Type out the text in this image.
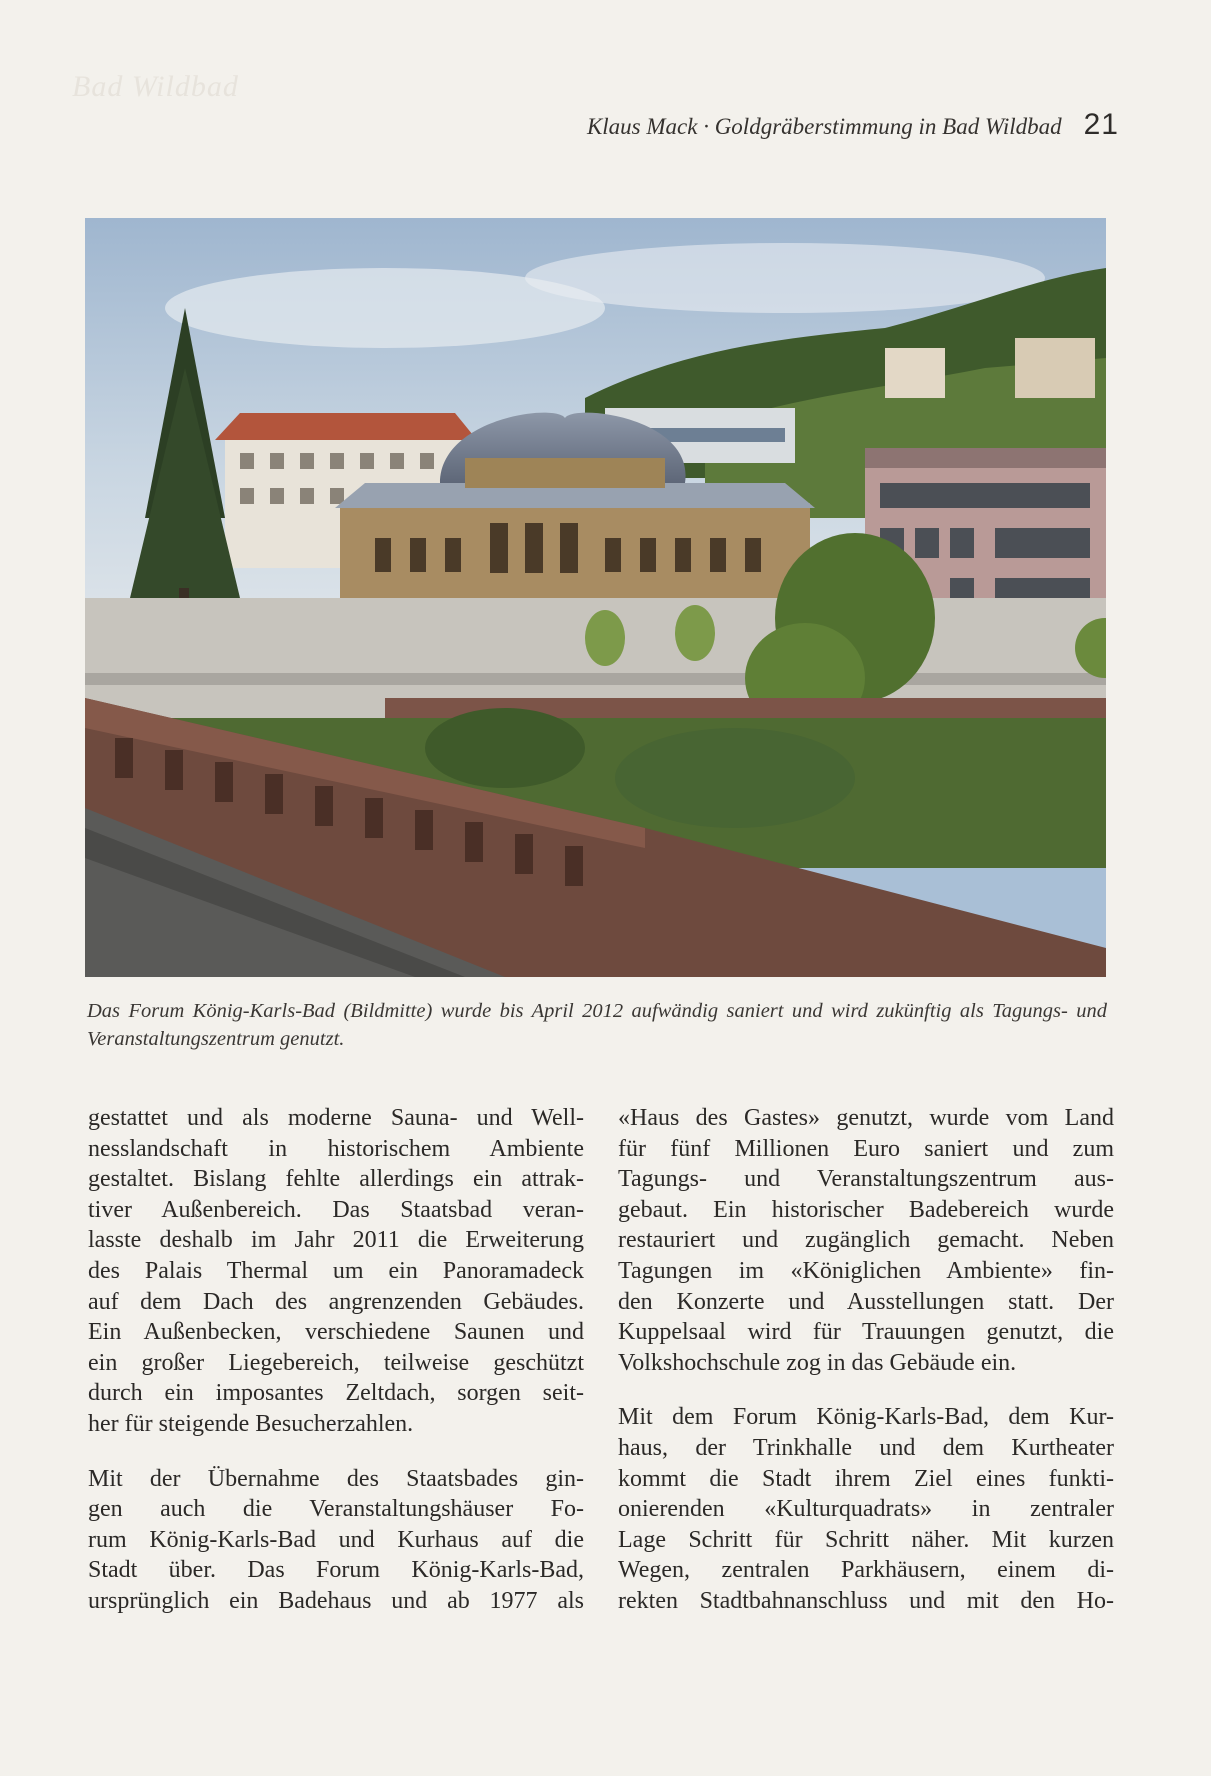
Bad Wildbad
Klaus Mack · Goldgräberstimmung in Bad Wildbad 21
Das Forum König-Karls-Bad (Bildmitte) wurde bis April 2012 aufwändig saniert und wird zukünftig als Tagungs- und Veranstaltungszentrum genutzt.

gestattet und als moderne Sauna- und Well-
nesslandschaft in historischem Ambiente
gestaltet. Bislang fehlte allerdings ein attrak-
tiver Außenbereich. Das Staatsbad veran-
lasste deshalb im Jahr 2011 die Erweiterung
des Palais Thermal um ein Panoramadeck
auf dem Dach des angrenzenden Gebäudes.
Ein Außenbecken, verschiedene Saunen und
ein großer Liegebereich, teilweise geschützt
durch ein imposantes Zeltdach, sorgen seit-
her für steigende Besucherzahlen.

Mit der Übernahme des Staatsbades gin-
gen auch die Veranstaltungshäuser Fo-
rum König-Karls-Bad und Kurhaus auf die
Stadt über. Das Forum König-Karls-Bad,
ursprünglich ein Badehaus und ab 1977 als

«Haus des Gastes» genutzt, wurde vom Land
für fünf Millionen Euro saniert und zum
Tagungs- und Veranstaltungszentrum aus-
gebaut. Ein historischer Badebereich wurde
restauriert und zugänglich gemacht. Neben
Tagungen im «Königlichen Ambiente» fin-
den Konzerte und Ausstellungen statt. Der
Kuppelsaal wird für Trauungen genutzt, die
Volkshochschule zog in das Gebäude ein.

Mit dem Forum König-Karls-Bad, dem Kur-
haus, der Trinkhalle und dem Kurtheater
kommt die Stadt ihrem Ziel eines funkti-
onierenden «Kulturquadrats» in zentraler
Lage Schritt für Schritt näher. Mit kurzen
Wegen, zentralen Parkhäusern, einem di-
rekten Stadtbahnanschluss und mit den Ho-
